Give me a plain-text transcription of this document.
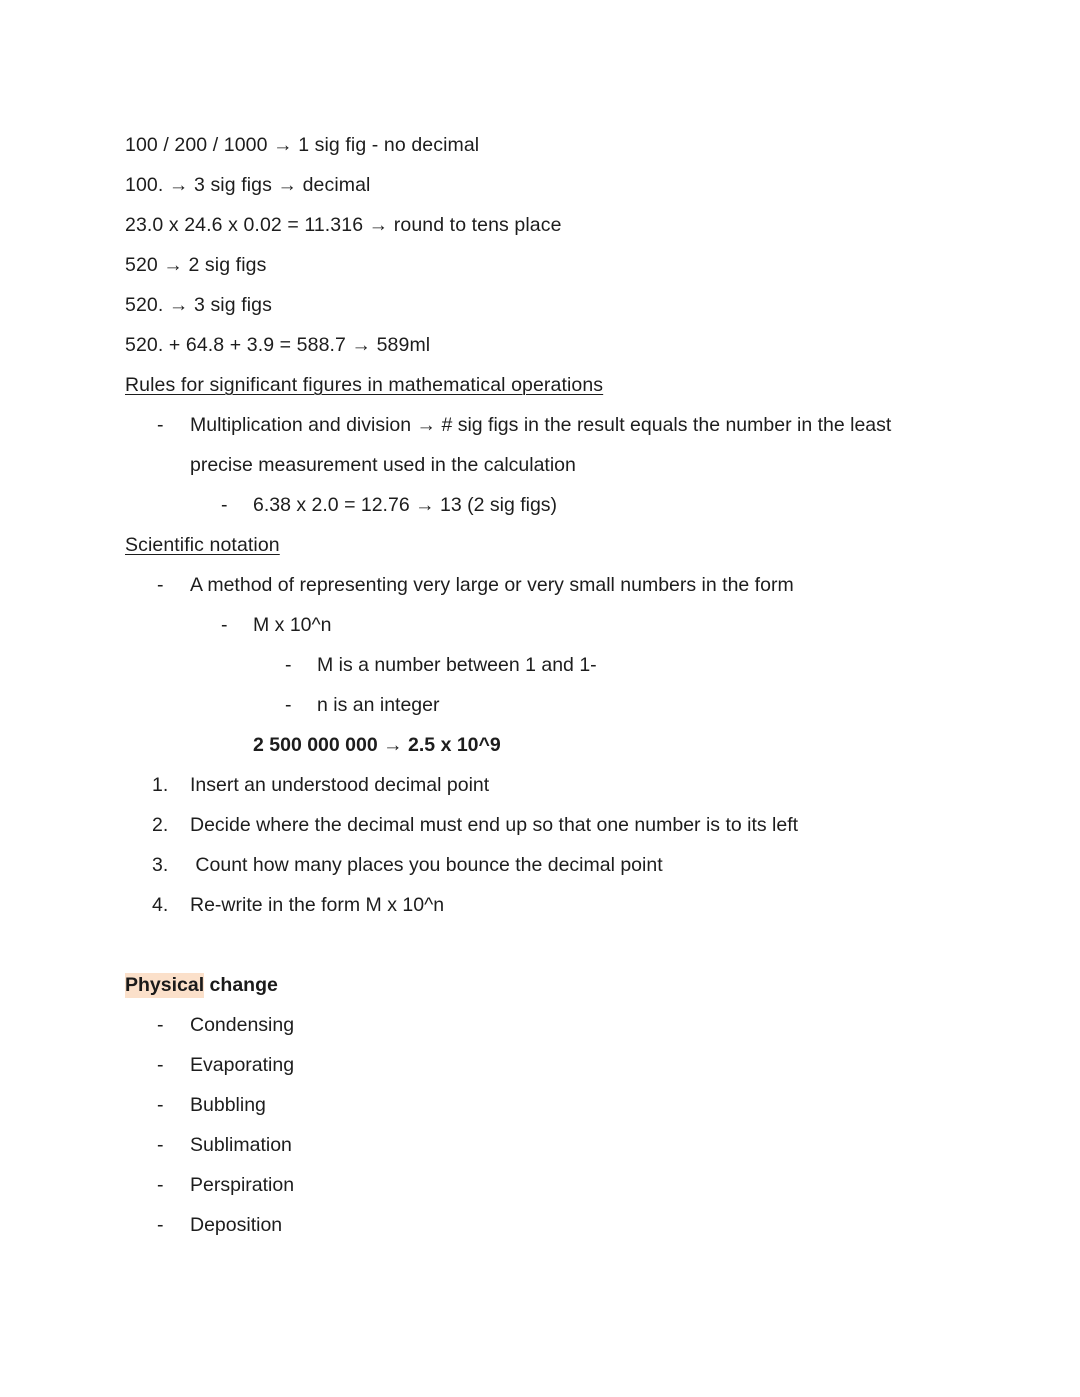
100 / 200 / 1000 → 1 sig fig - no decimal

100. → 3 sig figs → decimal

23.0 x 24.6 x 0.02 = 11.316 → round to tens place

520 → 2 sig figs

520. → 3 sig figs

520. + 64.8 + 3.9 = 588.7 → 589ml

Rules for significant figures in mathematical operations

- Multiplication and division → # sig figs in the result equals the number in the least precise measurement used in the calculation
- 6.38 x 2.0 = 12.76 → 13 (2 sig figs)

Scientific notation

- A method of representing very large or very small numbers in the form
- M x 10^n
- M is a number between 1 and 1-
- n is an integer
2 500 000 000 → 2.5 x 10^9
1. Insert an understood decimal point
2. Decide where the decimal must end up so that one number is to its left
3. Count how many places you bounce the decimal point
4. Re-write in the form M x 10^n

Physical change

- Condensing
- Evaporating
- Bubbling
- Sublimation
- Perspiration
- Deposition
